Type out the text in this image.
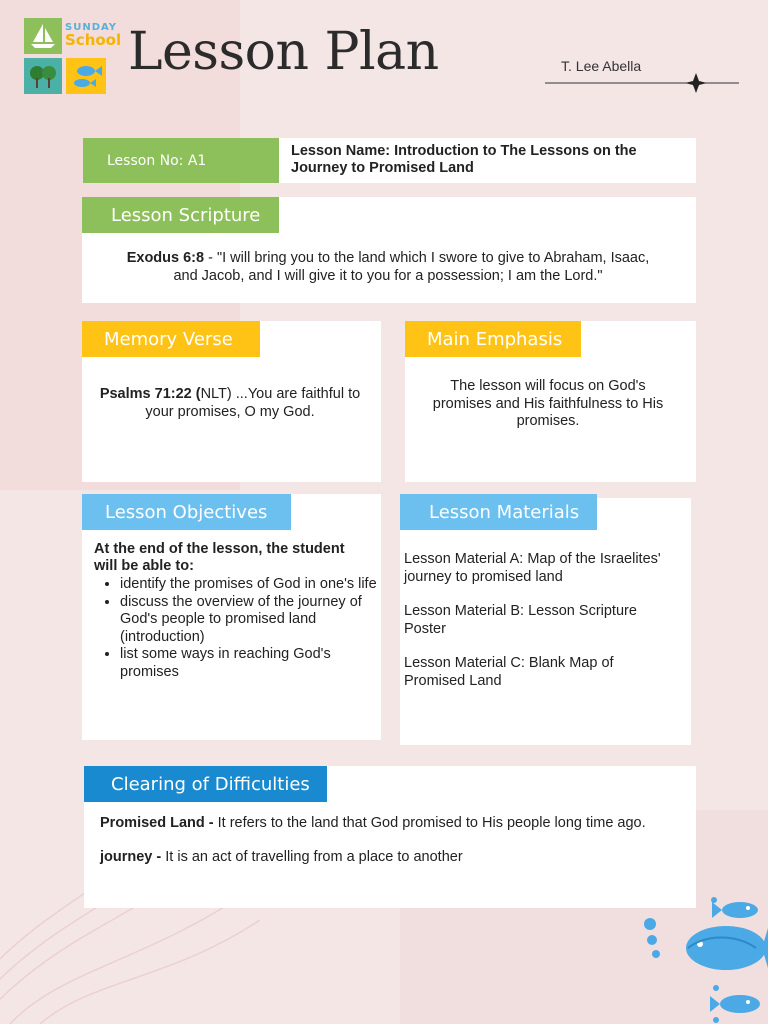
SUNDAY
School Lesson Plan	T. Lee Abella
Lesson No: A1
Lesson Name: Introduction to The Lessons on the Journey to Promised Land
Lesson Scripture
Exodus 6:8 - "I will bring you to the land which I swore to give to Abraham, Isaac, and Jacob, and I will give it to you for a possession; I am the Lord."
Memory Verse
Psalms 71:22 (NLT) ...You are faithful to your promises, O my God.
Main Emphasis
The lesson will focus on God's promises and His faithfulness to His promises.
Lesson Objectives
At the end of the lesson, the student will be able to:
• identify the promises of God in one's life
• discuss the overview of the journey of God's people to promised land (introduction)
• list some ways in reaching God's promises
Lesson Materials
Lesson Material A: Map of the Israelites' journey to promised land
Lesson Material B: Lesson Scripture Poster
Lesson Material C: Blank Map of Promised Land
Clearing of Difficulties
Promised Land - It refers to the land that God promised to His people long time ago.
journey - It is an act of travelling from a place to another
